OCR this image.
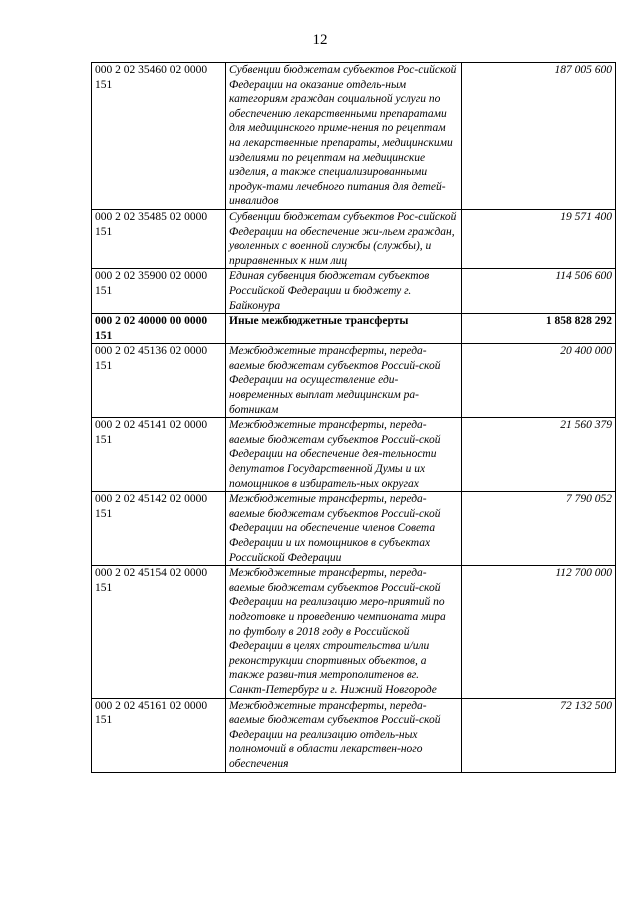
12
000 2 02 35460 02 0000 151	Субвенции бюджетам субъектов Рос-сийской Федерации на оказание отдель-ным категориям граждан социальной услуги по обеспечению лекарственными препаратами для медицинского приме-нения по рецептам на лекарственные препараты, медицинскими изделиями по рецептам на медицинские изделия, а также специализированными продук-тами лечебного питания для детей-инвалидов	187 005 600
000 2 02 35485 02 0000 151	Субвенции бюджетам субъектов Рос-сийской Федерации на обеспечение жи-льем граждан, уволенных с военной службы (службы), и приравненных к ним лиц	19 571 400
000 2 02 35900 02 0000 151	Единая субвенция бюджетам субъектов Российской Федерации и бюджету г. Байконура	114 506 600
000 2 02 40000 00 0000 151	Иные межбюджетные трансферты	1 858 828 292
000 2 02 45136 02 0000 151	Межбюджетные трансферты, переда-ваемые бюджетам субъектов Россий-ской Федерации на осуществление еди-новременных выплат медицинским ра-ботникам	20 400 000
000 2 02 45141 02 0000 151	Межбюджетные трансферты, переда-ваемые бюджетам субъектов Россий-ской Федерации на обеспечение дея-тельности депутатов Государственной Думы и их помощников в избиратель-ных округах	21 560 379
000 2 02 45142 02 0000 151	Межбюджетные трансферты, переда-ваемые бюджетам субъектов Россий-ской Федерации на обеспечение членов Совета Федерации и их помощников в субъектах Российской Федерации	7 790 052
000 2 02 45154 02 0000 151	Межбюджетные трансферты, переда-ваемые бюджетам субъектов Россий-ской Федерации на реализацию меро-приятий по подготовке и проведению чемпионата мира по футболу в 2018 году в Российской Федерации в целях строительства и/или реконструкции спортивных объектов, а также разви-тия метрополитенов вг. Санкт-Петербург и г. Нижний Новгороде	112 700 000
000 2 02 45161 02 0000 151	Межбюджетные трансферты, переда-ваемые бюджетам субъектов Россий-ской Федерации на реализацию отдель-ных полномочий в области лекарствен-ного обеспечения	72 132 500
